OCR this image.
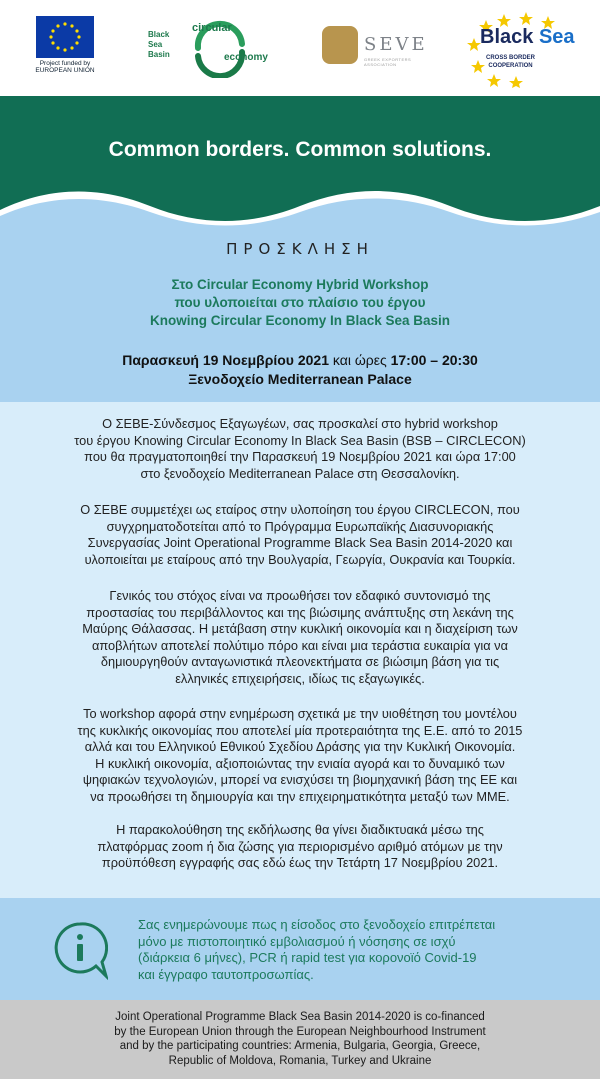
Project funded by EUROPEAN UNION
Black
Sea
Basin
circular
economy
SEVE
GREEK EXPORTERS ASSOCIATION
Black Sea
CROSS BORDER
COOPERATION
Common borders. Common solutions.
ΠΡΟΣΚΛΗΣΗ
Στο Circular Economy Hybrid Workshop
που υλοποιείται στο πλαίσιο του έργου
Knowing Circular Economy In Black Sea Basin
Παρασκευή 19 Νοεμβρίου 2021 και ώρες 17:00 – 20:30
Ξενοδοχείο Mediterranean Palace
Ο ΣΕΒΕ-Σύνδεσμος Εξαγωγέων, σας προσκαλεί στο hybrid workshop
του έργου Knowing Circular Economy In Black Sea Basin (BSB – CIRCLECON)
που θα πραγματοποιηθεί την Παρασκευή 19 Νοεμβρίου 2021 και ώρα 17:00
στο ξενοδοχείο Mediterranean Palace στη Θεσσαλονίκη.
Ο ΣΕΒΕ συμμετέχει ως εταίρος στην υλοποίηση του έργου CIRCLECON, που
συγχρηματοδοτείται από το Πρόγραμμα Ευρωπαϊκής Διασυνοριακής
Συνεργασίας Joint Operational Programme Black Sea Basin 2014-2020 και
υλοποιείται με εταίρους από την Βουλγαρία, Γεωργία, Ουκρανία και Τουρκία.
Γενικός του στόχος είναι να προωθήσει τον εδαφικό συντονισμό της
προστασίας του περιβάλλοντος και της βιώσιμης ανάπτυξης στη λεκάνη της
Μαύρης Θάλασσας. Η μετάβαση στην κυκλική οικονομία και η διαχείριση των
αποβλήτων αποτελεί πολύτιμο πόρο και είναι μια τεράστια ευκαιρία για να
δημιουργηθούν ανταγωνιστικά πλεονεκτήματα σε βιώσιμη βάση για τις
ελληνικές επιχειρήσεις, ιδίως τις εξαγωγικές.
Το workshop αφορά στην ενημέρωση σχετικά με την υιοθέτηση του μοντέλου
της κυκλικής οικονομίας που αποτελεί μία προτεραιότητα της Ε.Ε. από το 2015
αλλά και του Ελληνικού Εθνικού Σχεδίου Δράσης για την Κυκλική Οικονομία.
Η κυκλική οικονομία, αξιοποιώντας την ενιαία αγορά και το δυναμικό των
ψηφιακών τεχνολογιών, μπορεί να ενισχύσει τη βιομηχανική βάση της ΕΕ και
να προωθήσει τη δημιουργία και την επιχειρηματικότητα μεταξύ των ΜΜΕ.
Η παρακολούθηση της εκδήλωσης θα γίνει διαδικτυακά μέσω της
πλατφόρμας zoom ή δια ζώσης για περιορισμένο αριθμό ατόμων με την
προϋπόθεση εγγραφής σας εδώ έως την Τετάρτη 17 Νοεμβρίου 2021.
Σας ενημερώνουμε πως η είσοδος στο ξενοδοχείο επιτρέπεται
μόνο με πιστοποιητικό εμβολιασμού ή νόσησης σε ισχύ
(διάρκεια 6 μήνες), PCR ή rapid test για κορονοϊό Covid-19
και έγγραφο ταυτοπροσωπίας.
Joint Operational Programme Black Sea Basin 2014-2020 is co-financed
by the European Union through the European Neighbourhood Instrument
and by the participating countries: Armenia, Bulgaria, Georgia, Greece,
Republic of Moldova, Romania, Turkey and Ukraine
